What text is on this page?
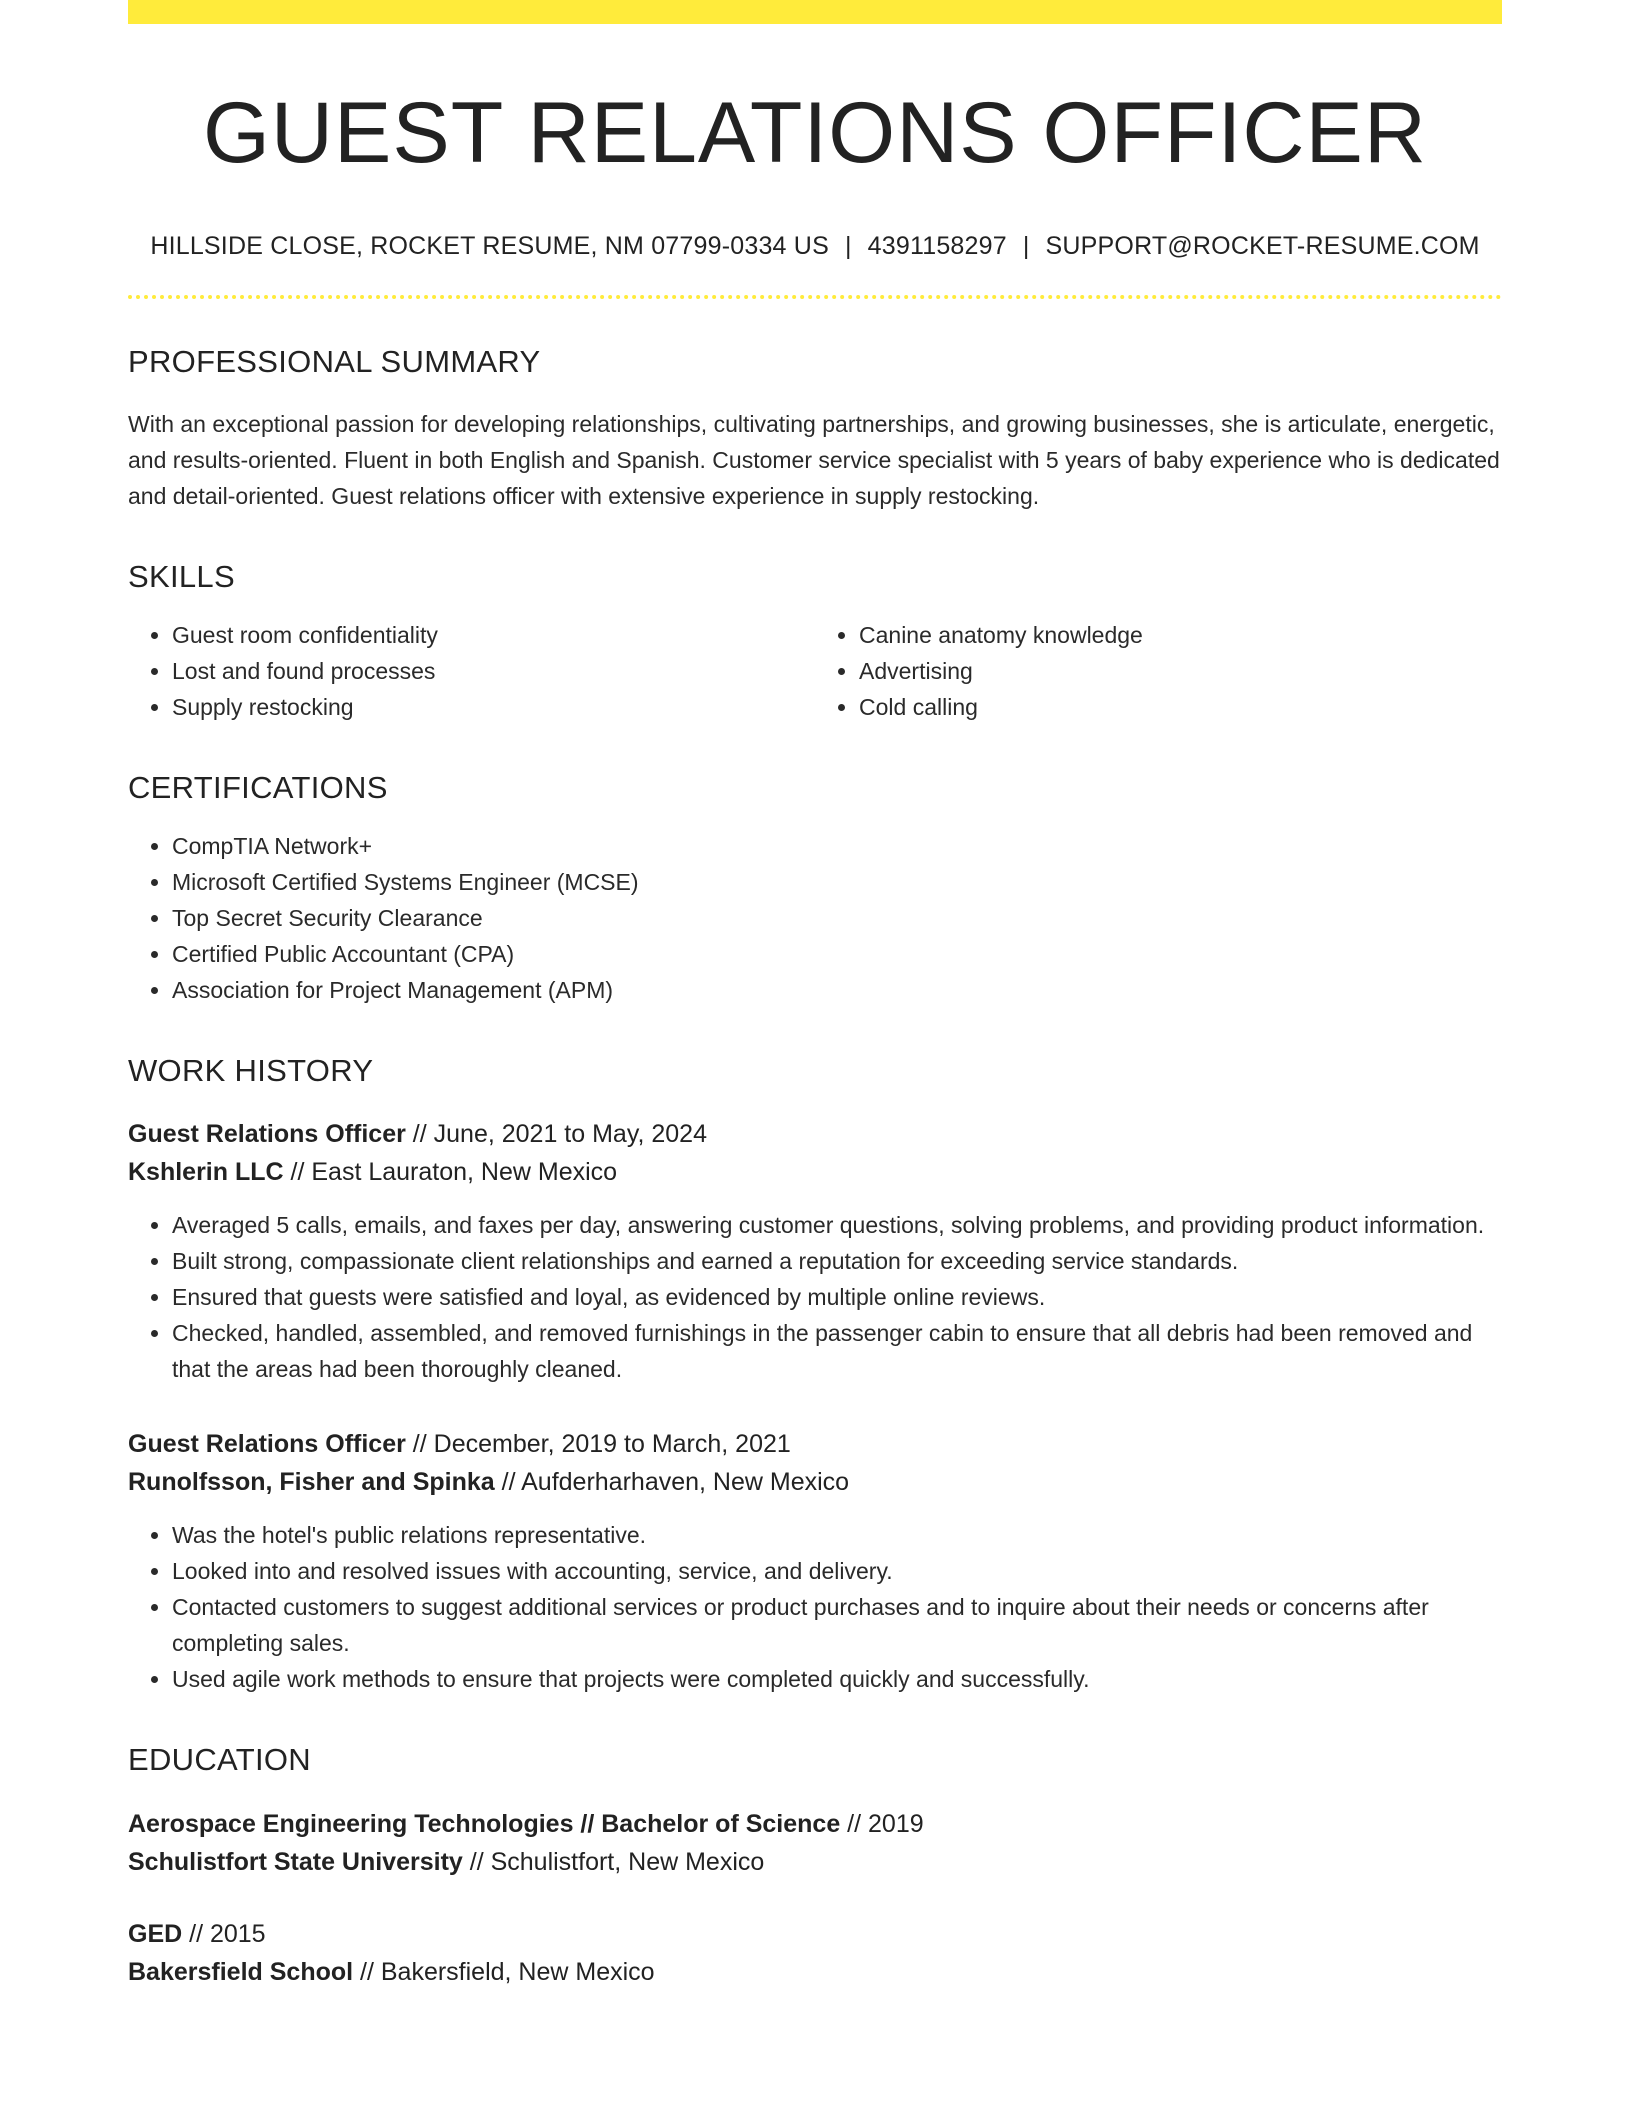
GUEST RELATIONS OFFICER
HILLSIDE CLOSE, ROCKET RESUME, NM 07799-0334 US | 4391158297 | SUPPORT@ROCKET-RESUME.COM
PROFESSIONAL SUMMARY

With an exceptional passion for developing relationships, cultivating partnerships, and growing businesses, she is articulate, energetic, and results-oriented. Fluent in both English and Spanish. Customer service specialist with 5 years of baby experience who is dedicated and detail-oriented. Guest relations officer with extensive experience in supply restocking.

SKILLS
• Guest room confidentiality
• Lost and found processes
• Supply restocking
• Canine anatomy knowledge
• Advertising
• Cold calling
CERTIFICATIONS
• CompTIA Network+
• Microsoft Certified Systems Engineer (MCSE)
• Top Secret Security Clearance
• Certified Public Accountant (CPA)
• Association for Project Management (APM)
WORK HISTORY
Guest Relations Officer // June, 2021 to May, 2024
Kshlerin LLC // East Lauraton, New Mexico
• Averaged 5 calls, emails, and faxes per day, answering customer questions, solving problems, and providing product information.
• Built strong, compassionate client relationships and earned a reputation for exceeding service standards.
• Ensured that guests were satisfied and loyal, as evidenced by multiple online reviews.
• Checked, handled, assembled, and removed furnishings in the passenger cabin to ensure that all debris had been removed and that the areas had been thoroughly cleaned.
Guest Relations Officer // December, 2019 to March, 2021
Runolfsson, Fisher and Spinka // Aufderharhaven, New Mexico
• Was the hotel's public relations representative.
• Looked into and resolved issues with accounting, service, and delivery.
• Contacted customers to suggest additional services or product purchases and to inquire about their needs or concerns after completing sales.
• Used agile work methods to ensure that projects were completed quickly and successfully.
EDUCATION
Aerospace Engineering Technologies // Bachelor of Science // 2019
Schulistfort State University // Schulistfort, New Mexico
GED // 2015
Bakersfield School // Bakersfield, New Mexico
